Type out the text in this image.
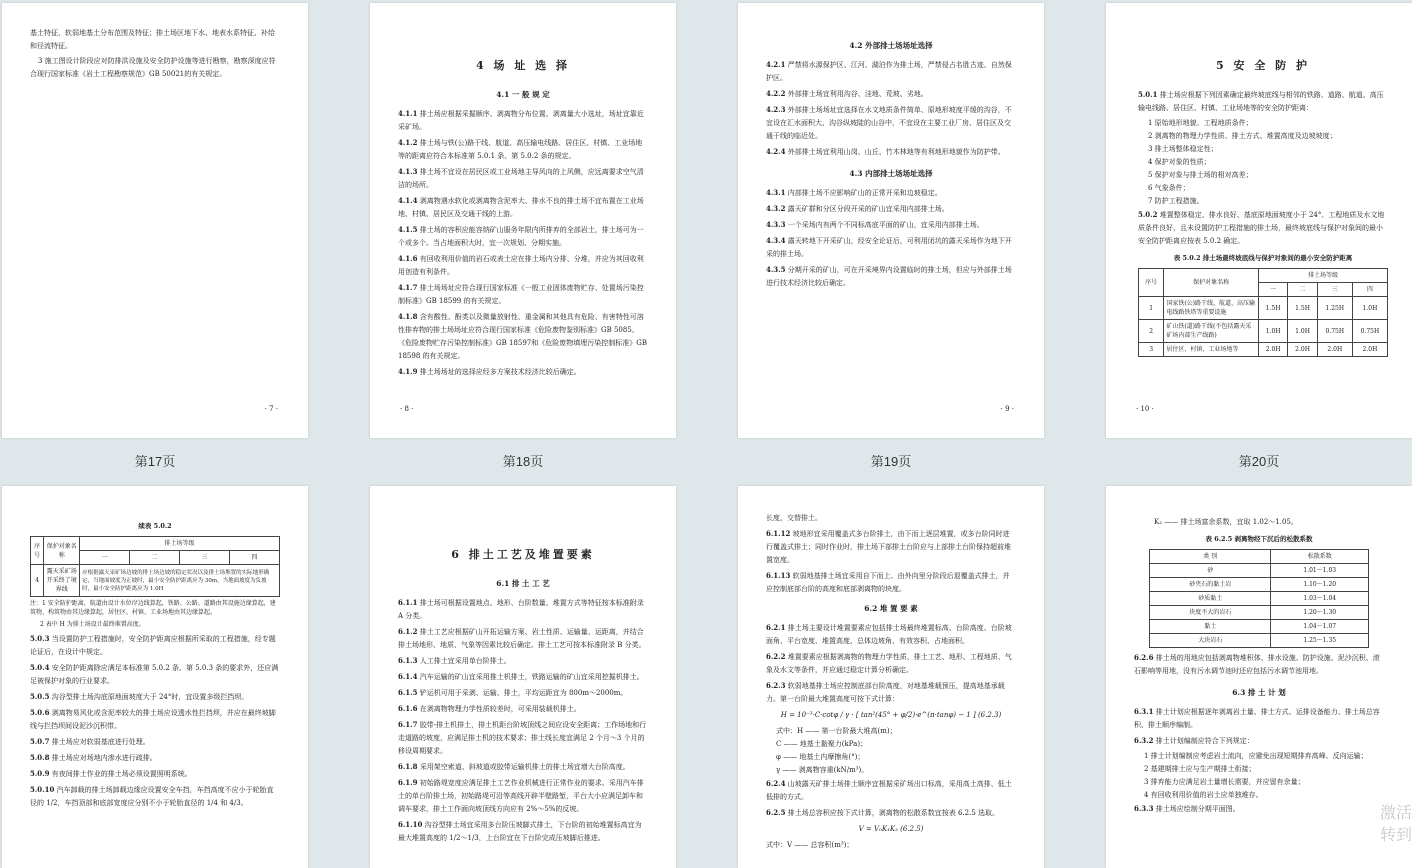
基土特征、软弱地基土分布范围及特征；排土场区地下水、地表水系特征、补给和径流特征。

3 施工图设计阶段应对防排洪设施及安全防护设施等进行勘察，勘察深度应符合现行国家标准《岩土工程勘察规范》GB 50021的有关规定。

· 7 ·
第17页
4 场 址 选 择
4.1 一 般 规 定

4.1.1 排土场应根据采掘顺序、剥离物分布位置、剥离量大小选址，场址宜靠近采矿场。

4.1.2 排土场与铁(公)路干线、航道、高压输电线路、居住区、村镇、工业场地等的距离应符合本标准第 5.0.1 条、第 5.0.2 条的规定。

4.1.3 排土场不宜设在居民区或工业场地主导风向的上风侧，应远离要求空气清洁的场所。

4.1.4 剥离物遇水软化或剥离物含泥率大、排水不良的排土场不宜布置在工业场地、村镇、居民区及交通干线的上游。

4.1.5 排土场的容积应能容纳矿山服务年限内所排弃的全部岩土，排土场可为一个或多个。当占地面积大时，宜一次规划、分期实施。

4.1.6 有回收利用价值的岩石或表土应在排土场内分排、分堆，并应为其回收利用创造有利条件。

4.1.7 排土场场址应符合现行国家标准《一般工业固体废物贮存、处置场污染控制标准》GB 18599 的有关规定。

4.1.8 含有酸性、酚类以及微量放射性、重金属和其他具有危险、有害特性可溶性排弃物的排土场场址应符合现行国家标准《危险废物鉴别标准》GB 5085、《危险废物贮存污染控制标准》GB 18597和《危险废物填埋污染控制标准》GB 18598 的有关规定。

4.1.9 排土场场址的选择应经多方案技术经济比较后确定。

· 8 ·
第18页
4.2 外部排土场场址选择

4.2.1 严禁将水源保护区、江河、湖泊作为排土场，严禁侵占名胜古迹、自然保护区。

4.2.2 外部排土场宜利用沟谷、洼地、荒坡、劣地。

4.2.3 外部排土场场址宜选择在水文地质条件简单、原地形坡度平缓的沟谷，不宜设在汇水面积大、沟谷纵坡陡的山谷中，不宜设在主要工业厂房、居住区及交通干线的临近处。

4.2.4 外部排土场宜利用山岗、山丘、竹木林地等有利地形地貌作为防护带。

4.3 内部排土场场址选择

4.3.1 内部排土场不应影响矿山的正常开采和边坡稳定。

4.3.2 露天矿群和分区分段开采的矿山宜采用内部排土场。

4.3.3 一个采场内有两个不同标高底平面的矿山，宜采用内部排土场。

4.3.4 露天转地下开采矿山，经安全论证后，可利用闭坑的露天采场作为地下开采的排土场。

4.3.5 分期开采的矿山，可在开采境界内设置临时的排土场，但应与外部排土场进行技术经济比较后确定。

· 9 ·
第19页
5 安 全 防 护

5.0.1 排土场应根据下列因素确定最终坡底线与相邻的铁路、道路、航道、高压输电线路、居住区、村镇、工业场地等的安全防护距离：

1 原始地形地貌、工程地质条件；

2 剥离物的物理力学性质、排土方式、堆置高度及边坡坡度；

3 排土场整体稳定性；

4 保护对象的性质；

5 保护对象与排土场的相对高差；

6 气象条件；

7 防护工程措施。

5.0.2 堆置整体稳定、排水良好、基底原地面坡度小于 24°、工程地质及水文地质条件良好，且未设置防护工程措施的排土场，最终坡底线与保护对象间的最小安全防护距离应按表 5.0.2 确定。

表 5.0.2 排土场最终坡底线与保护对象间的最小安全防护距离
序号	保护对象名称	排土场等级			
		一	二	三	四
1	国家铁(公)路干线、航道、高压输电线路铁塔等重要设施	1.5H	1.5H	1.25H	1.0H
2	矿山铁(道)路干线(不包括露天采矿场内部生产线路)	1.0H	1.0H	0.75H	0.75H
3	居住区、村镇、工业场地等	2.0H	2.0H	2.0H	2.0H
· 10 ·
第20页
续表 5.0.2
序号	保护对象名称	排土场等级			
		一	二	三	四
4	露天采矿场开采终了境界线	应根据露天采矿场边坡的排土场边坡的稳定状况以及排土场堆置的实际地形确定，当地面坡度为正坡时，最小安全防护距离应为 30m，当地面坡度为负坡时，最小安全防护距离应为 1.0H			
注：1 安全防护距离，航道由设计水位岸边线算起，铁路、公路、道路由其设施边缘算起，建筑物、构筑物由其边缘算起，居住区、村镇、工业场地由其边缘算起。
2 表中 H 为排土场设计最终堆置高度。

5.0.3 当设置防护工程措施时，安全防护距离应根据所采取的工程措施，经专题论证后，在设计中规定。

5.0.4 安全防护距离除应满足本标准第 5.0.2 条、第 5.0.3 条的要求外，还应满足被保护对象的行业要求。

5.0.5 沟谷型排土场沟底原地面坡度大于 24°时，宜设置多级拦挡坝。

5.0.6 剥离物易风化或含泥率较大的排土场应设透水性拦挡坝，并应在最终坡脚线与拦挡坝间设泥沙沉积带。

5.0.7 排土场应对软弱基底进行处理。

5.0.8 排土场应对场地内渗水进行疏排。

5.0.9 有夜间排土作业的排土场必须设置照明系统。

5.0.10 汽车卸载的排土场卸载边缘应设置安全车挡，车挡高度不应小于轮胎直径的 1/2，车挡顶部和底部宽度应分别不小于轮胎直径的 1/4 和 4/3。

6 排土工艺及堆置要素
6.1 排 土 工 艺

6.1.1 排土场可根据设置地点、地形、台阶数量、堆置方式等特征按本标准附录 A 分类。

6.1.2 排土工艺应根据矿山开拓运输方案、岩土性质、运输量、运距离，并结合排土场地形、地质、气象等因素比较后确定。排土工艺可按本标准附录 B 分类。

6.1.3 人工排土宜采用单台阶排土。

6.1.4 汽车运输的矿山宜采用推土机排土，铁路运输的矿山宜采用挖掘机排土。

6.1.5 铲运机可用于采剥、运输、排土，平均运距宜为 800m～2000m。

6.1.6 在剥离物物理力学性质较差时，可采用装载机排土。

6.1.7 胶带-排土机排土，排土机距台阶坡顶线之间应设安全距离；工作场地和行走道路的坡度，应满足排土机的技术要求；排土线长度宜满足 2 个月～3 个月的移设周期要求。

6.1.8 采用架空索道、斜坡道或胶带运输机排土的排土场宜增大台阶高度。

6.1.9 初始路堤宽度应满足排土工艺作业机械进行正常作业的要求。采用汽车排土的单台阶排土场，初始路堤可沿等高线开辟半壁路堑，平台大小应满足卸车和调车要求，排土工作面向坡顶线方向应有 2%～5%的反坡。

6.1.10 沟谷型排土场宜采用多台阶压坡脚式排土，下台阶的初始堆置标高宜为最大堆置高度的 1/2～1/3，上台阶宜在下台阶完成压坡脚后推进。

长度，交替排土。

6.1.12 坡地形宜采用覆盖式多台阶排土，由下而上逐层堆置，或多台阶同时进行覆盖式排土；同时作业时，排土场下部排土台阶应与上部排土台阶保持超前堆置宽度。

6.1.13 软弱地基排土场宜采用自下而上、由外向里分阶段后退覆盖式排土，并应控制底部台阶的高度和底部剥离物的块度。

6.2 堆 置 要 素

6.2.1 排土场主要设计堆置要素应包括排土场最终堆置标高、台阶高度、台阶坡面角、平台宽度、堆置高度、总体边坡角、有效容积、占地面积。

6.2.2 堆置要素应根据剥离物的物理力学性质、排土工艺、地形、工程地质、气象及水文等条件，并应通过稳定计算分析确定。

6.2.3 软弱地基排土场应控制底部台阶高度，对地基堆载预压，提高地基承载力。第一台阶最大堆置高度可按下式计算：

H = 10⁻³·C·cotφ / γ · [ tan²(45° + φ/2)·e^(π·tanφ) − 1 ] (6.2.3)

式中：H —— 第一台阶最大堆高(m)；

C —— 地基土黏聚力(kPa)；

φ —— 地基土内摩擦角(°)；

γ —— 剥离物容重(kN/m³)。

6.2.4 山坡露天矿排土场排土顺序宜根据采矿场出口标高，采用高土高排、低土低排的方式。

6.2.5 排土场总容积应按下式计算，剥离物的松散系数宜按表 6.2.5 选取。

V = V₀K₁K₂ (6.2.5)

式中：V —— 总容积(m³)；

K₂ —— 排土场富余系数，宜取 1.02～1.05。

表 6.2.5 剥离物经下沉后的松散系数
类 别	松散系数
砂	1.01～1.03
砂夹石的黏土岩	1.10～1.20
砂质黏土	1.03～1.04
块度不大的岩石	1.20～1.30
黏土	1.04～1.07
大块岩石	1.25～1.35

6.2.6 排土场的用地应包括剥离物堆积体、排水设施、防护设施、泥沙沉积、滚石影响等用地，没有污水调节池时还应包括污水调节池用地。

6.3 排 土 计 划

6.3.1 排土计划应根据逐年剥离岩土量、排土方式、运排设备能力、排土场总容积、排土顺序编制。

6.3.2 排土计划编制应符合下列规定：

1 排土计划编制应考虑岩土流向，应避免出现短期排弃高峰、反向运输；

2 基建期排土应与生产期排土衔接；

3 排弃能力应满足岩土量增长需要，并应留有余量；

4 有回收利用价值的岩土应单独堆存。

6.3.3 排土场应绘制分期平面图。	激活
转到
